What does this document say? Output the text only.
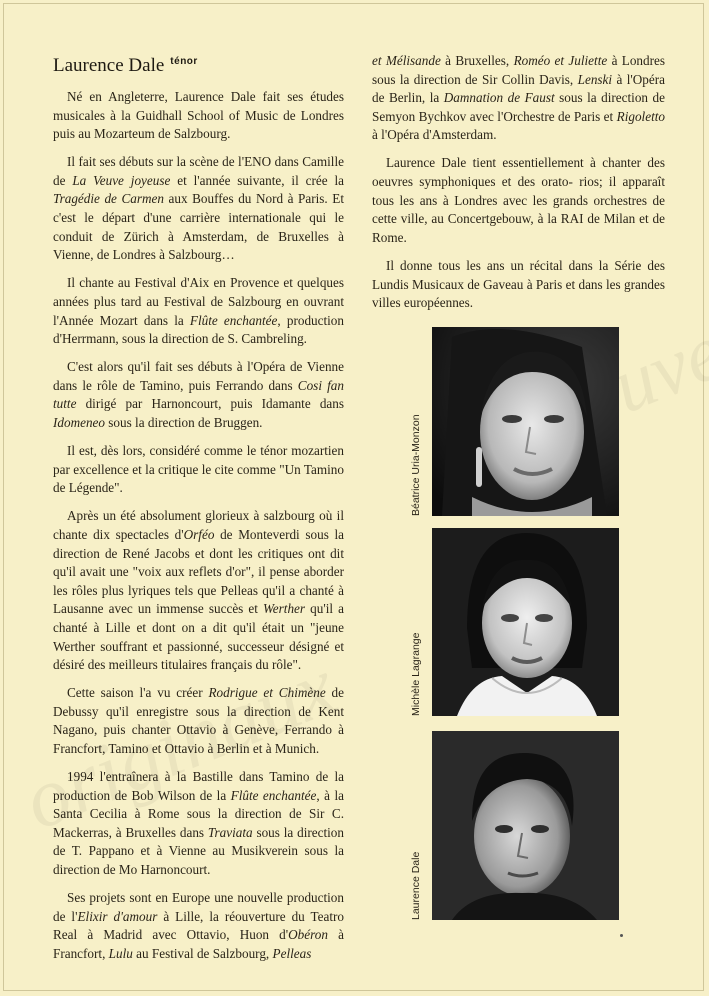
Laurence Dale $^{ténor}$

Né en Angleterre, Laurence Dale fait ses études musicales à la Guidhall School of Music de Londres puis au Mozarteum de Salzbourg.

Il fait ses débuts sur la scène de l'ENO dans Camille de La Veuve joyeuse et l'année suivante, il crée la Tragédie de Carmen aux Bouffes du Nord à Paris. Et c'est le départ d'une carrière internationale qui le conduit de Zürich à Amsterdam, de Bruxelles à Vienne, de Londres à Salzbourg…

Il chante au Festival d'Aix en Provence et quelques années plus tard au Festival de Salzbourg en ouvrant l'Année Mozart dans la Flûte enchantée, production d'Herrmann, sous la direction de S. Cambreling.

C'est alors qu'il fait ses débuts à l'Opéra de Vienne dans le rôle de Tamino, puis Ferrando dans Cosi fan tutte dirigé par Harnoncourt, puis Idamante dans Idomeneo sous la direction de Bruggen.

Il est, dès lors, considéré comme le ténor mozartien par excellence et la critique le cite comme "Un Tamino de Légende".

Après un été absolument glorieux à salzbourg où il chante dix spectacles d'Orféo de Monteverdi sous la direction de René Jacobs et dont les critiques ont dit qu'il avait une "voix aux reflets d'or", il pense aborder les rôles plus lyriques tels que Pelleas qu'il a chanté à Lausanne avec un immense succès et Werther qu'il a chanté à Lille et dont on a dit qu'il était un "jeune Werther souffrant et passionné, successeur désigné et désiré des meilleurs titulaires français du rôle".

Cette saison l'a vu créer Rodrigue et Chimène de Debussy qu'il enregistre sous la direction de Kent Nagano, puis chanter Ottavio à Genève, Ferrando à Francfort, Tamino et Ottavio à Berlin et à Munich.

1994 l'entraînera à la Bastille dans Tamino de la production de Bob Wilson de la Flûte enchantée, à la Santa Cecilia à Rome sous la direction de Sir C. Mackerras, à Bruxelles dans Traviata sous la direction de T. Pappano et à Vienne au Musikverein sous la direction de Mo Harnoncourt.

Ses projets sont en Europe une nouvelle production de l'Elixir d'amour à Lille, la réouverture du Teatro Real à Madrid avec Ottavio, Huon d'Obéron à Francfort, Lulu au Festival de Salzbourg, Pelleas

et Mélisande à Bruxelles, Roméo et Juliette à Londres sous la direction de Sir Collin Davis, Lenski à l'Opéra de Berlin, la Damnation de Faust sous la direction de Semyon Bychkov avec l'Orchestre de Paris et Rigoletto à l'Opéra d'Amsterdam.

Laurence Dale tient essentiellement à chanter des oeuvres symphoniques et des orato- rios; il apparaît tous les ans à Londres avec les grands orchestres de cette ville, au Concertgebouw, à la RAI de Milan et de Rome.

Il donne tous les ans un récital dans la Série des Lundis Musicaux de Gaveau à Paris et dans les grandes villes européennes.

Béatrice Uria-Monzon
Michèle Lagrange
Laurence Dale
